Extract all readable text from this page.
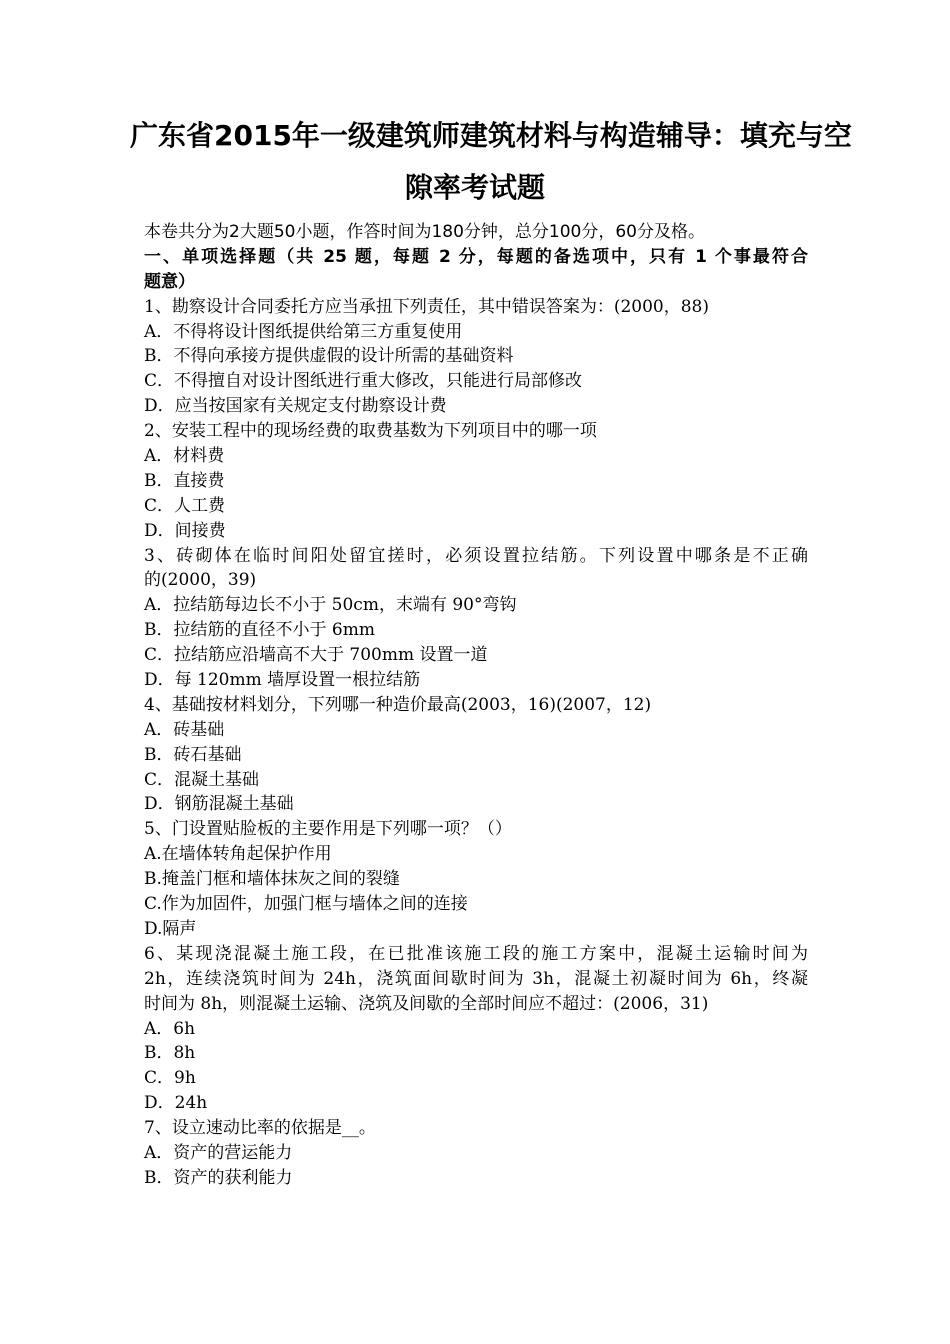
广东省2015年一级建筑师建筑材料与构造辅导：填充与空
隙率考试题
本卷共分为2大题50小题，作答时间为180分钟，总分100分，60分及格。
一、单项选择题（共 25 题，每题 2 分，每题的备选项中，只有 1 个事最符合
题意）
1、勘察设计合同委托方应当承扭下列责任，其中错误答案为：(2000，88)
A．不得将设计图纸提供给第三方重复使用
B．不得向承接方提供虚假的设计所需的基础资料
C．不得擅自对设计图纸进行重大修改，只能进行局部修改
D．应当按国家有关规定支付勘察设计费
2、安装工程中的现场经费的取费基数为下列项目中的哪一项
A．材料费
B．直接费
C．人工费
D．间接费
3、砖砌体在临时间阳处留宜搓时，必须设置拉结筋。下列设置中哪条是不正确
的(2000，39)
A．拉结筋每边长不小于 50cm，末端有 90°弯钩
B．拉结筋的直径不小于 6mm
C．拉结筋应沿墙高不大于 700mm 设置一道
D．每 120mm 墙厚设置一根拉结筋
4、基础按材料划分，下列哪一种造价最高(2003，16)(2007，12)
A．砖基础
B．砖石基础
C．混凝土基础
D．钢筋混凝土基础
5、门设置贴脸板的主要作用是下列哪一项？（）
A.在墙体转角起保护作用
B.掩盖门框和墙体抹灰之间的裂缝
C.作为加固件，加强门框与墙体之间的连接
D.隔声
6、某现浇混凝土施工段，在已批准该施工段的施工方案中，混凝土运输时间为
2h，连续浇筑时间为 24h，浇筑面间歇时间为 3h，混凝土初凝时间为 6h，终凝
时间为 8h，则混凝土运输、浇筑及间歇的全部时间应不超过：(2006，31)
A．6h
B．8h
C．9h
D．24h
7、设立速动比率的依据是__。
A．资产的营运能力
B．资产的获利能力
